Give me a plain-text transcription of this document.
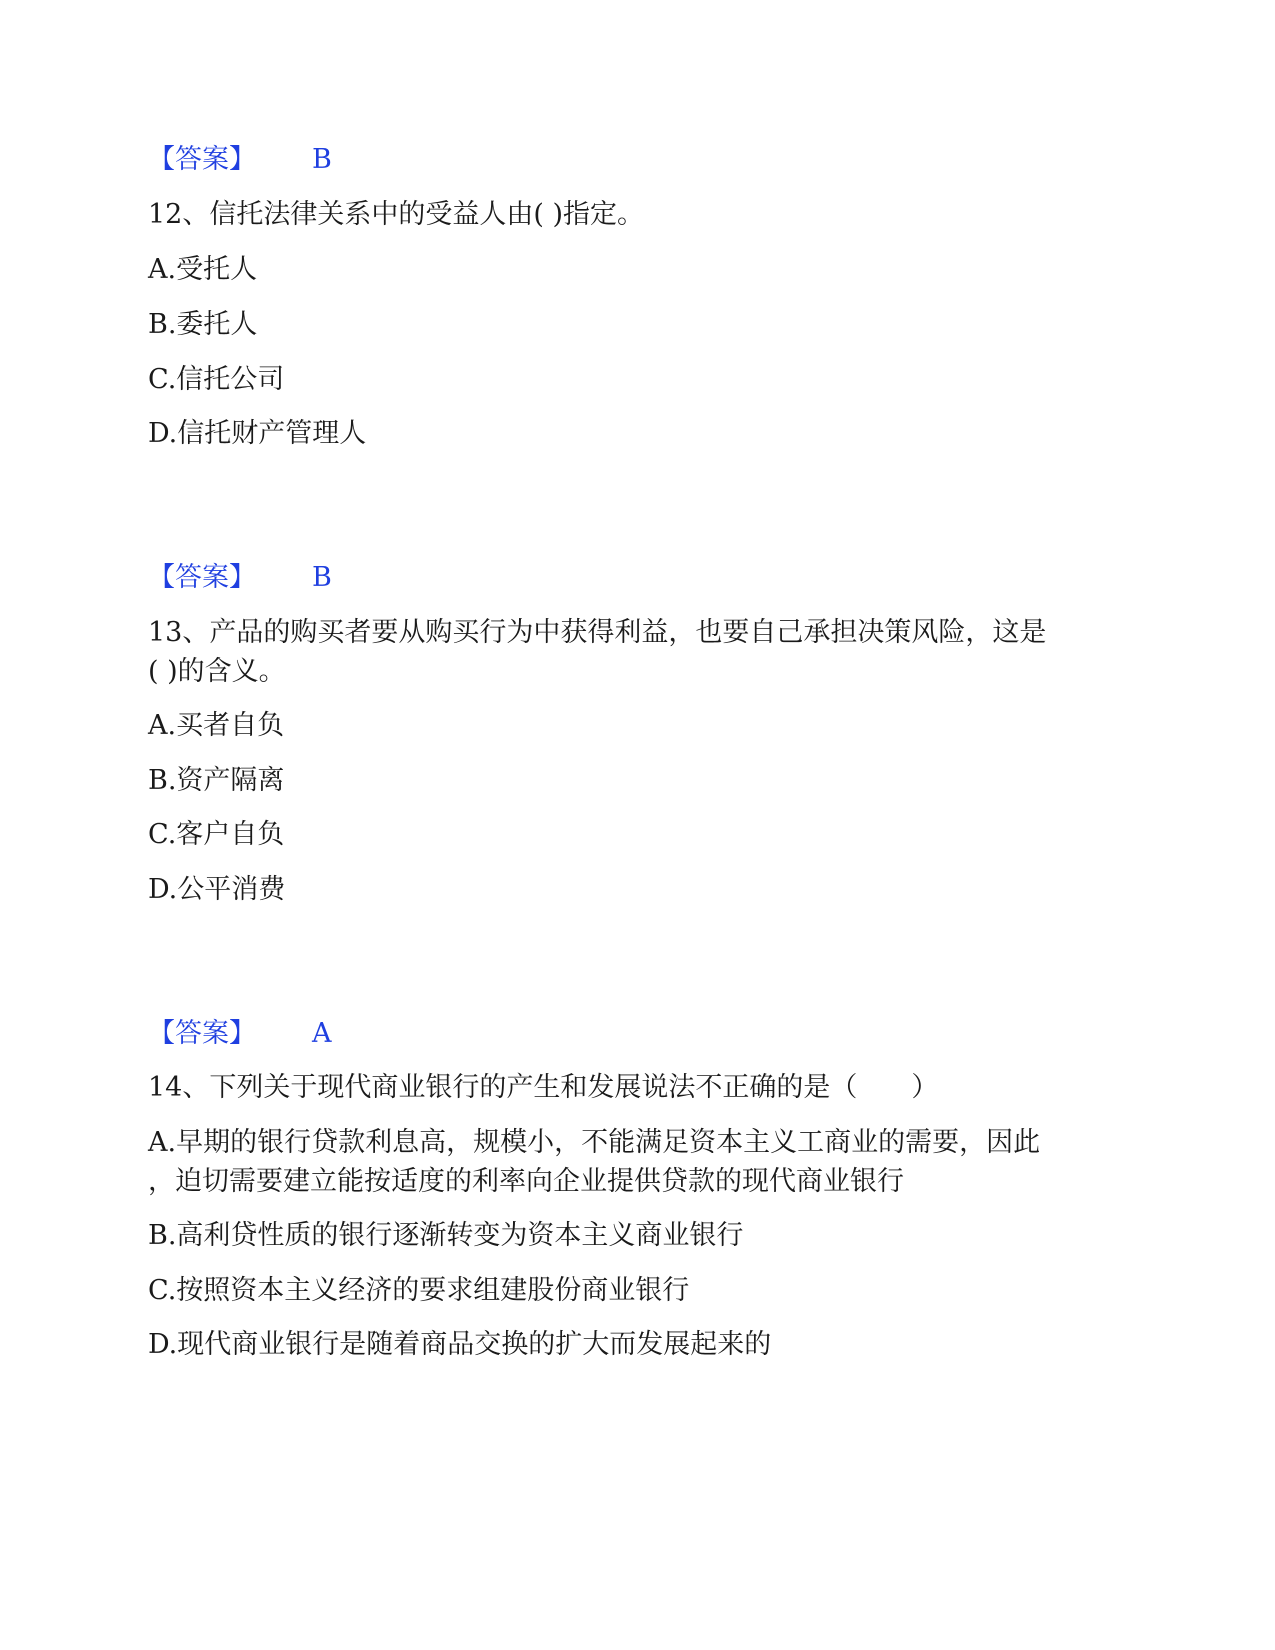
【答案】 B
12、信托法律关系中的受益人由( )指定。
A.受托人
B.委托人
C.信托公司
D.信托财产管理人
【答案】 B
13、产品的购买者要从购买行为中获得利益，也要自己承担决策风险，这是
( )的含义。
A.买者自负
B.资产隔离
C.客户自负
D.公平消费
【答案】 A
14、下列关于现代商业银行的产生和发展说法不正确的是（　　）
A.早期的银行贷款利息高，规模小，不能满足资本主义工商业的需要，因此
，迫切需要建立能按适度的利率向企业提供贷款的现代商业银行
B.高利贷性质的银行逐渐转变为资本主义商业银行
C.按照资本主义经济的要求组建股份商业银行
D.现代商业银行是随着商品交换的扩大而发展起来的
